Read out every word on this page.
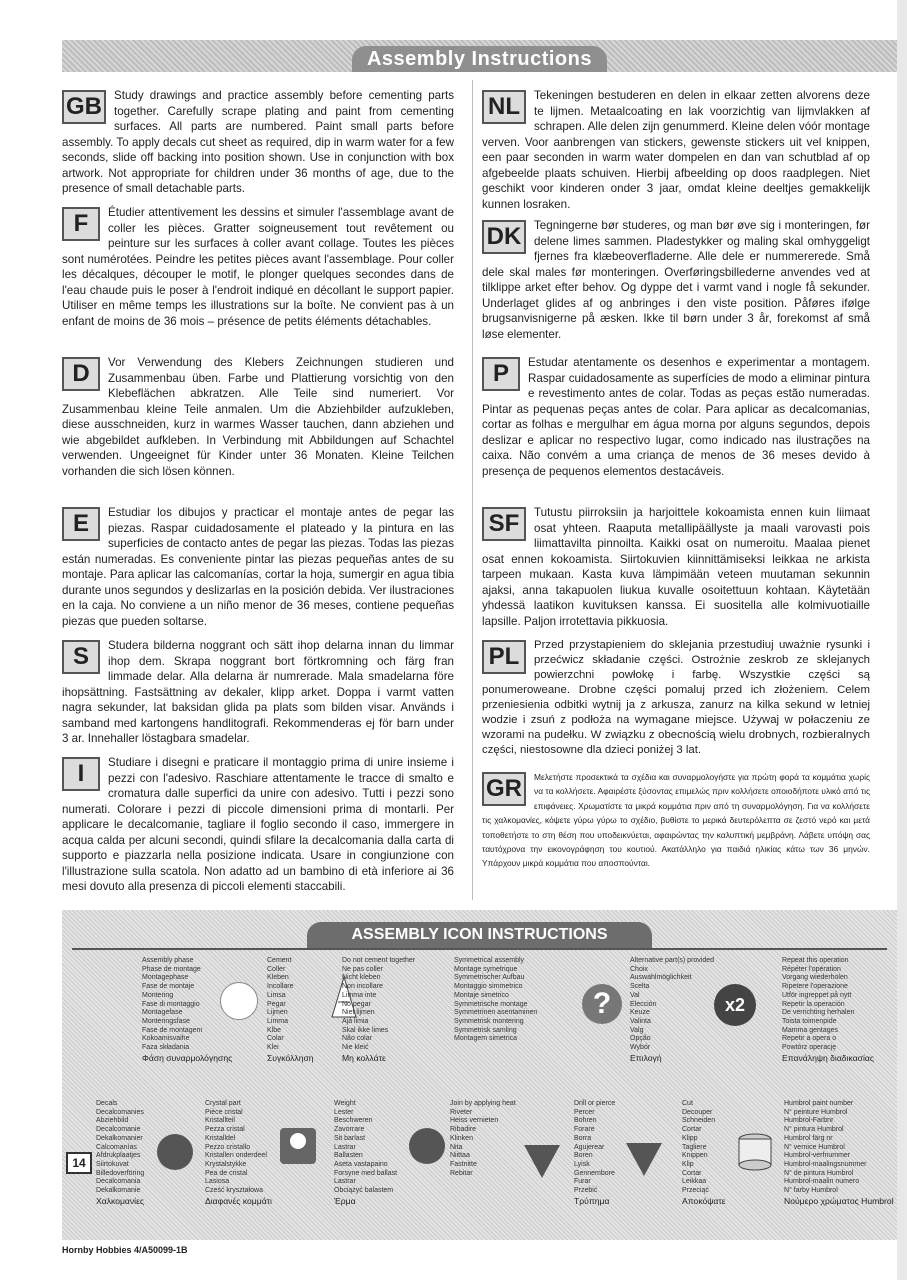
Assembly Instructions
GB	Study drawings and practice assembly before cementing parts together. Carefully scrape plating and paint from cementing surfaces. All parts are numbered. Paint small parts before assembly. To apply decals cut sheet as required, dip in warm water for a few seconds, slide off backing into position shown. Use in conjunction with box artwork. Not appropriate for children under 36 months of age, due to the presence of small detachable parts.
F	Étudier attentivement les dessins et simuler l'assemblage avant de coller les pièces. Gratter soigneusement tout revêtement ou peinture sur les surfaces à coller avant collage. Toutes les pièces sont numérotées. Peindre les petites pièces avant l'assemblage. Pour coller les décalques, découper le motif, le plonger quelques secondes dans de l'eau chaude puis le poser à l'endroit indiqué en décollant le support papier. Utiliser en même temps les illustrations sur la boîte. Ne convient pas à un enfant de moins de 36 mois – présence de petits éléments détachables.
D	Vor Verwendung des Klebers Zeichnungen studieren und Zusammenbau üben. Farbe und Plattierung vorsichtig von den Klebeflächen abkratzen. Alle Teile sind numeriert. Vor Zusammenbau kleine Teile anmalen. Um die Abziehbilder aufzukleben, diese ausschneiden, kurz in warmes Wasser tauchen, dann abziehen und wie abgebildet aufkleben. In Verbindung mit Abbildungen auf Schachtel verwenden. Ungeeignet für Kinder unter 36 Monaten. Kleine Teilchen vorhanden die sich lösen können.
E	Estudiar los dibujos y practicar el montaje antes de pegar las piezas. Raspar cuidadosamente el plateado y la pintura en las superficies de contacto antes de pegar las piezas. Todas las piezas están numeradas. Es conveniente pintar las piezas pequeñas antes de su montaje. Para aplicar las calcomanías, cortar la hoja, sumergir en agua tibia durante unos segundos y deslizarlas en la posición debida. Ver ilustraciones en la caja. No conviene a un niño menor de 36 meses, contiene pequeñas piezas que pueden soltarse.
S	Studera bilderna noggrant och sätt ihop delarna innan du limmar ihop dem. Skrapa noggrant bort förtkromning och färg fran limmade delar. Alla delarna är numrerade. Mala smadelarna före ihopsättning. Fastsättning av dekaler, klipp arket. Doppa i varmt vatten nagra sekunder, lat baksidan glida pa plats som bilden visar. Används i samband med kartongens handlitografi. Rekommenderas ej för barn under 3 ar. Innehaller löstagbara smadelar.
I	Studiare i disegni e praticare il montaggio prima di unire insieme i pezzi con l'adesivo. Raschiare attentamente le tracce di smalto e cromatura dalle superfici da unire con adesivo. Tutti i pezzi sono numerati. Colorare i pezzi di piccole dimensioni prima di montarli. Per applicare le decalcomanie, tagliare il foglio secondo il caso, immergere in acqua calda per alcuni secondi, quindi sfilare la decalcomania dalla carta di supporto e piazzarla nella posizione indicata. Usare in congiunzione con l'illustrazione sulla scatola. Non adatto ad un bambino di età inferiore ai 36 mesi dovuto alla presenza di piccoli elementi staccabili.
NL	Tekeningen bestuderen en delen in elkaar zetten alvorens deze te lijmen. Metaalcoating en lak voorzichtig van lijmvlakken af schrapen. Alle delen zijn genummerd. Kleine delen vóór montage verven. Voor aanbrengen van stickers, gewenste stickers uit vel knippen, een paar seconden in warm water dompelen en dan van schutblad af op afgebeelde plaats schuiven. Hierbij afbeelding op doos raadplegen. Niet geschikt voor kinderen onder 3 jaar, omdat kleine deeltjes gemakkelijk kunnen losraken.
DK	Tegningerne bør studeres, og man bør øve sig i monteringen, før delene limes sammen. Pladestykker og maling skal omhyggeligt fjernes fra klæbeoverfladerne. Alle dele er nummererede. Små dele skal males før monteringen. Overføringsbillederne anvendes ved at tilklippe arket efter behov. Og dyppe det i varmt vand i nogle få sekunder. Underlaget glides af og anbringes i den viste position. Påføres ifølge brugsanvisnigerne på æsken. Ikke til børn under 3 år, forekomst af små løse elementer.
P	Estudar atentamente os desenhos e experimentar a montagem. Raspar cuidadosamente as superfícies de modo a eliminar pintura e revestimento antes de colar. Todas as peças estão numeradas. Pintar as pequenas peças antes de colar. Para aplicar as decalcomanias, cortar as folhas e mergulhar em água morna por alguns segundos, depois deslizar e aplicar no respectivo lugar, como indicado nas ilustrações na caixa. Não convém a uma criança de menos de 36 meses devido à presença de pequenos elementos destacáveis.
SF	Tutustu piirroksiin ja harjoittele kokoamista ennen kuin liimaat osat yhteen. Raaputa metallipäällyste ja maali varovasti pois liimattavilta pinnoilta. Kaikki osat on numeroitu. Maalaa pienet osat ennen kokoamista. Siirtokuvien kiinnittämiseksi leikkaa ne arkista tarpeen mukaan. Kasta kuva lämpimään veteen muutaman sekunnin ajaksi, anna takapuolen liukua kuvalle osoitettuun kohtaan. Käytetään yhdessä laatikon kuvituksen kanssa. Ei suositella alle kolmivuotiaille lapsille. Paljon irrotettavia pikkuosia.
PL	Przed przystapieniem do sklejania przestudiuj uważnie rysunki i przećwicz składanie części. Ostrożnie zeskrob ze sklejanych powierzchni powłokę i farbę. Wszystkie części są ponumeroweane. Drobne części pomaluj przed ich złożeniem. Celem przeniesienia odbitki wytnij ja z arkusza, zanurz na kilka sekund w letniej wodzie i zsuń z podłoża na wymagane miejsce. Używaj w połaczeniu ze wzorami na pudełku. W związku z obecnością wielu drobnych, rozbieralnych części, niestosowne dla dzieci poniżej 3 lat.
GR	Μελετήστε προσεκτικά τα σχέδια και συναρμολογήστε για πρώτη φορά τα κομμάτια χωρίς να τα κολλήσετε. Αφαιρέστε ξύσοντας επιμελώς πριν κολλήσετε οποιοδήποτε υλικό από τις επιφάνειες. Χρωματίστε τα μικρά κομμάτια πριν από τη συναρμολόγηση. Για να κολλήσετε τις χαλκομανίες, κόψετε γύρω γύρω το σχέδιο, βυθίστε το μερικά δευτερόλεπτα σε ζεστό νερό και μετά τοποθετήστε το στη θέση που υποδεικνύεται, αφαιρώντας την καλυπτική μεμβράνη. Λάβετε υπόψη σας ταυτόχρονα την εικονογράφηση του κουτιού. Ακατάλληλο για παιδιά ηλικίας κάτω των 36 μηνών. Υπάρχουν μικρά κομμάτια που αποσπούνται.
ASSEMBLY ICON INSTRUCTIONS
Assembly phase
Phase de montage
Montagephase
Fase de montaje
Montering
Fase di montaggio
Montagefase
Monteringsfase
Fase de montagem
Kokoamisvaihe
Faza składania
Φάση συναρμολόγησης
Cement
Coller
Kleben
Incollare
Limsa
Pegar
Lijmen
Limma
Klbe
Colar
Klei
Συγκόλληση
Do not cement together
Ne pas coller
Nicht kleben
Non incollare
Limma inte
No pegar
Niet lijmen
Ajá limia
Skal ikke limes
Não colar
Nie kleić
Μη κολλάτε
Symmetrical assembly
Montage symetrique
Symmetrischer Aufbau
Montaggio simmetrico
Montaje simetrico
Symmetrische montage
Symmetrinen asentaminen
Symmetrisk montering
Symmetrisk samling
Montagem simetrica
?
Alternative part(s) provided
Choix
Auswahlmöglichkeit
Scelta
Val
Elección
Keuze
Valinta
Valg
Opção
Wybór
Επιλογή
x2
Repeat this operation
Répéter l'opération
Vorgang wiederholen
Ripetere l'operazione
Utför ingreppet på nytt
Repetir la operación
De verrichting herhalen
Toista toimenpide
Mamma gentages
Repetir a opera o
Powtórz operację
Επανάληψη διαδικασίας
14
Decals
Decalcomanies
Abziehbild
Decalcomanie
Dekalkomanier
Calcomanías
Afdrukplaatjes
Siirtokuvat
Billedoverföring
Decalcomania
Dekalkomanie
Χαλκομανίες
Crystal part
Pièce cristal
Kristallteil
Pezza cristal
Kristalldel
Pezzo cristallo
Kristallen onderdeel
Krystalstykke
Pea de cristal
Lasiosa
Cześć kryształowa
Διαφανές κομμάτι
Weight
Lester
Beschweren
Zavorrare
Sit barlast
Lastrar
Ballasten
Aseta vastapaino
Forsyne med ballast
Lastrar
Obciążyć balastem
Έρμα
Join by applying heat
Riveter
Heiss vernieten
Ribadire
Klinken
Nita
Niittaa
Fastnitte
Rebitar
Drill or pierce
Percer
Bohren
Forare
Borra
Agujerear
Boren
Lyisk
Gennembore
Furar
Przebić
Τρύπημα
Cut
Decouper
Schneiden
Cortar
Klipp
Tagliere
Knippen
Klip
Cortar
Leikkaa
Przeciąć
Αποκόψατε
Humbrol paint number
N° peinture Humbrol
Humbrol-Farbnr
N° pintura Humbrol
Humbrol färg nr
N° vernice Humbrol
Humbrol-verfnummer
Humbrol-maalingsnummer
N° de pintura Humbrol
Humbrol-maalin numero
N° farby Humbrol
Νούμερο χρώματος Humbrol
Hornby Hobbies 4/A50099-1B
